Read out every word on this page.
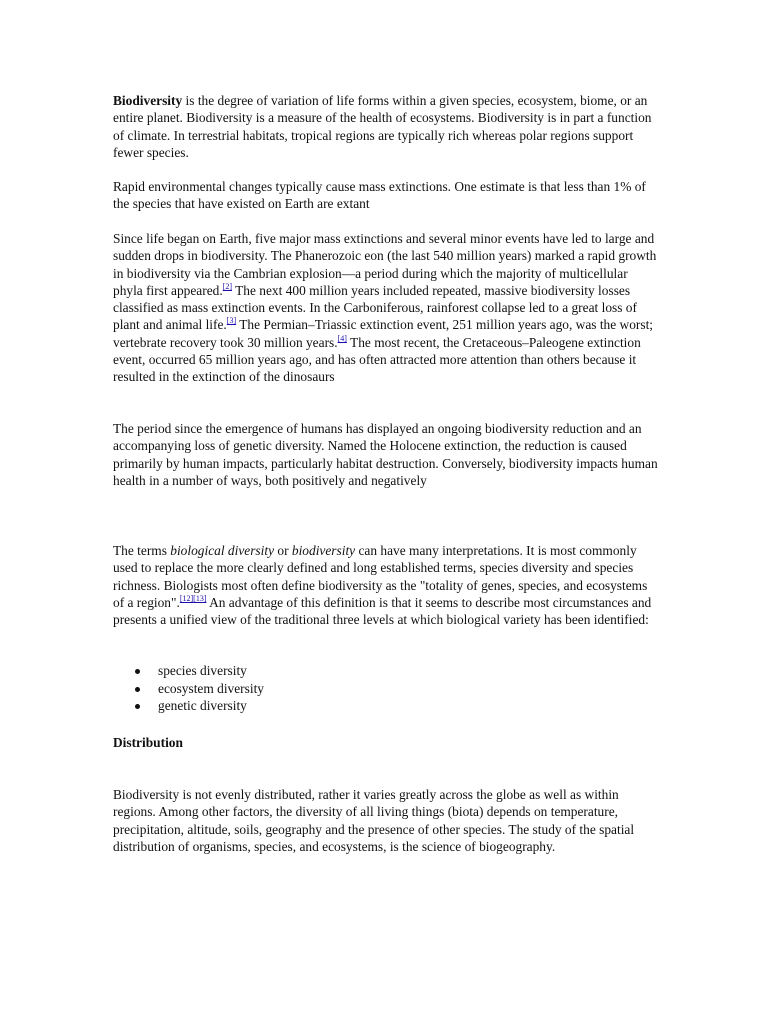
Biodiversity is the degree of variation of life forms within a given species, ecosystem, biome, or an entire planet. Biodiversity is a measure of the health of ecosystems. Biodiversity is in part a function of climate. In terrestrial habitats, tropical regions are typically rich whereas polar regions support fewer species.

Rapid environmental changes typically cause mass extinctions. One estimate is that less than 1% of the species that have existed on Earth are extant

Since life began on Earth, five major mass extinctions and several minor events have led to large and sudden drops in biodiversity. The Phanerozoic eon (the last 540 million years) marked a rapid growth in biodiversity via the Cambrian explosion—a period during which the majority of multicellular phyla first appeared.[2] The next 400 million years included repeated, massive biodiversity losses classified as mass extinction events. In the Carboniferous, rainforest collapse led to a great loss of plant and animal life.[3] The Permian–Triassic extinction event, 251 million years ago, was the worst; vertebrate recovery took 30 million years.[4] The most recent, the Cretaceous–Paleogene extinction event, occurred 65 million years ago, and has often attracted more attention than others because it resulted in the extinction of the dinosaurs

The period since the emergence of humans has displayed an ongoing biodiversity reduction and an accompanying loss of genetic diversity. Named the Holocene extinction, the reduction is caused primarily by human impacts, particularly habitat destruction. Conversely, biodiversity impacts human health in a number of ways, both positively and negatively

The terms biological diversity or biodiversity can have many interpretations. It is most commonly used to replace the more clearly defined and long established terms, species diversity and species richness. Biologists most often define biodiversity as the "totality of genes, species, and ecosystems of a region".[12][13] An advantage of this definition is that it seems to describe most circumstances and presents a unified view of the traditional three levels at which biological variety has been identified:

species diversity
ecosystem diversity
genetic diversity

Distribution

Biodiversity is not evenly distributed, rather it varies greatly across the globe as well as within regions. Among other factors, the diversity of all living things (biota) depends on temperature, precipitation, altitude, soils, geography and the presence of other species. The study of the spatial distribution of organisms, species, and ecosystems, is the science of biogeography.
